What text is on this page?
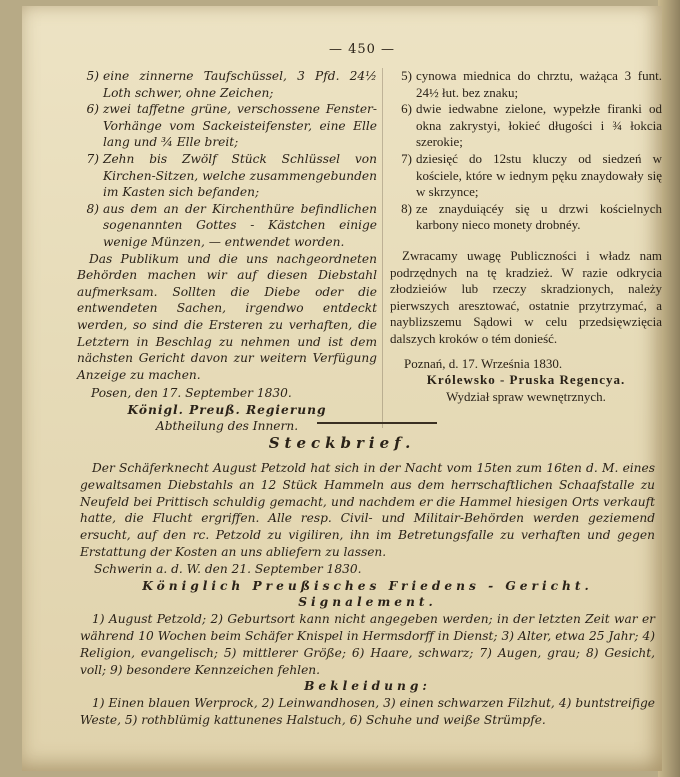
— 450 —
5) eine zinnerne Taufschüssel, 3 Pfd. 24½ Loth schwer, ohne Zeichen;
6) zwei taffetne grüne, verschossene Fenster-Vorhänge vom Sackeisteifenster, eine Elle lang und ¾ Elle breit;
7) Zehn bis Zwölf Stück Schlüssel von Kirchen-Sitzen, welche zusammengebunden im Kasten sich befanden;
8) aus dem an der Kirchenthüre befindlichen sogenannten Gottes - Kästchen einige wenige Münzen, — entwendet worden.

Das Publikum und die uns nachgeordneten Behörden machen wir auf diesen Diebstahl aufmerksam. Sollten die Diebe oder die entwendeten Sachen, irgendwo entdeckt werden, so sind die Ersteren zu verhaften, die Letztern in Beschlag zu nehmen und ist dem nächsten Gericht davon zur weitern Verfügung Anzeige zu machen.

Posen, den 17. September 1830.

Königl. Preuß. Regierung

Abtheilung des Innern.

5) cynowa miednica do chrztu, ważąca 3 funt. 24½ łut. bez znaku;
6) dwie iedwabne zielone, wypełzłe firanki od okna zakrystyi, łokieć długości i ¾ łokcia szerokie;
7) dziesięć do 12stu kluczy od siedzeń w kościele, które w iednym pęku znaydowały się w skrzynce;
8) ze znayduiącéy się u drzwi kościelnych karbony nieco monety drobnéy.

Zwracamy uwagę Publiczności i władz nam podrzędnych na tę kradzież. W razie odkrycia złodzieiów lub rzeczy skradzionych, należy pierwszych aresztować, ostatnie przytrzymać, a nayblizszemu Sądowi w celu przedsięwzięcia dalszych kroków o tém donieść.

Poznań, d. 17. Września 1830.

Królewsko - Pruska Regencya.

Wydział spraw wewnętrznych.

Steckbrief.

Der Schäferknecht August Petzold hat sich in der Nacht vom 15ten zum 16ten d. M. eines gewaltsamen Diebstahls an 12 Stück Hammeln aus dem herrschaftlichen Schaafstalle zu Neufeld bei Prittisch schuldig gemacht, und nachdem er die Hammel hiesigen Orts verkauft hatte, die Flucht ergriffen. Alle resp. Civil- und Militair-Behörden werden geziemend ersucht, auf den rc. Petzold zu vigiliren, ihn im Betretungsfalle zu verhaften und gegen Erstattung der Kosten an uns abliefern zu lassen.

Schwerin a. d. W. den 21. September 1830.

Königlich Preußisches Friedens - Gericht.

Signalement.

1) August Petzold; 2) Geburtsort kann nicht angegeben werden; in der letzten Zeit war er während 10 Wochen beim Schäfer Knispel in Hermsdorff in Dienst; 3) Alter, etwa 25 Jahr; 4) Religion, evangelisch; 5) mittlerer Größe; 6) Haare, schwarz; 7) Augen, grau; 8) Gesicht, voll; 9) besondere Kennzeichen fehlen.

Bekleidung:

1) Einen blauen Werprock, 2) Leinwandhosen, 3) einen schwarzen Filzhut, 4) buntstreifige Weste, 5) rothblümig kattunenes Halstuch, 6) Schuhe und weiße Strümpfe.
